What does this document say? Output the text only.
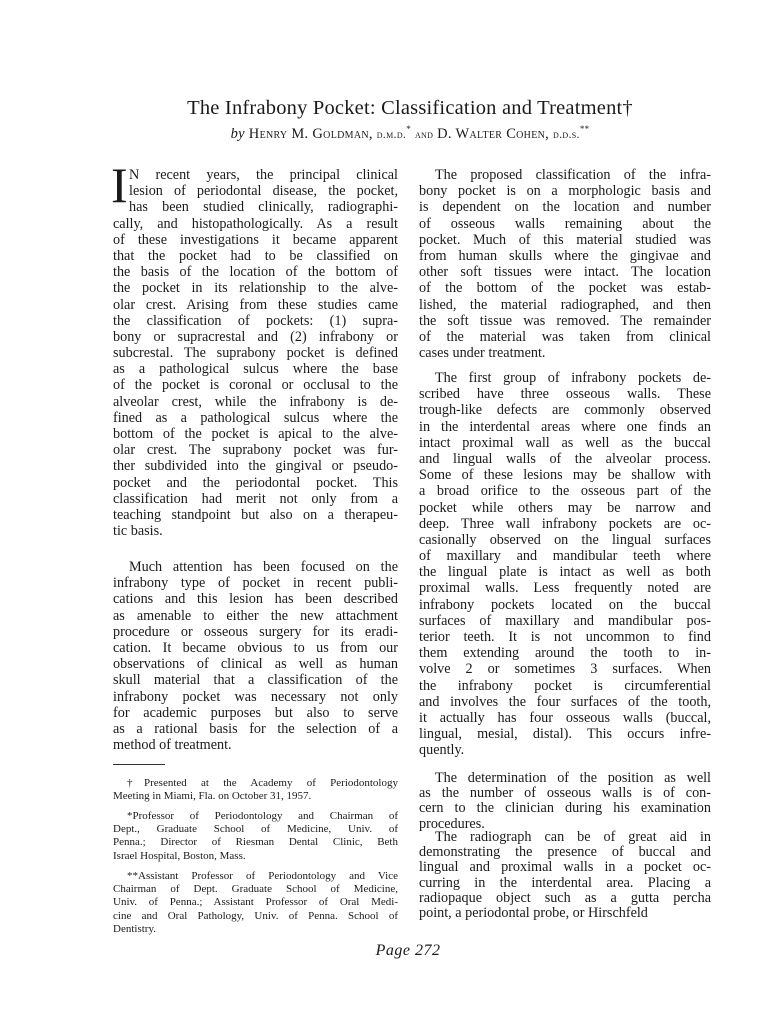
The Infrabony Pocket: Classification and Treatment†
by Henry M. Goldman, d.m.d.* and D. Walter Cohen, d.d.s.**
I N recent years, the principal clinical
lesion of periodontal disease, the pocket,
has been studied clinically, radiographi-
cally, and histopathologically. As a result
of these investigations it became apparent
that the pocket had to be classified on
the basis of the location of the bottom of
the pocket in its relationship to the alve-
olar crest. Arising from these studies came
the classification of pockets: (1) supra-
bony or supracrestal and (2) infrabony or
subcrestal. The suprabony pocket is defined
as a pathological sulcus where the base
of the pocket is coronal or occlusal to the
alveolar crest, while the infrabony is de-
fined as a pathological sulcus where the
bottom of the pocket is apical to the alve-
olar crest. The suprabony pocket was fur-
ther subdivided into the gingival or pseudo-
pocket and the periodontal pocket. This
classification had merit not only from a
teaching standpoint but also on a therapeu-
tic basis.
Much attention has been focused on the
infrabony type of pocket in recent publi-
cations and this lesion has been described
as amenable to either the new attachment
procedure or osseous surgery for its eradi-
cation. It became obvious to us from our
observations of clinical as well as human
skull material that a classification of the
infrabony pocket was necessary not only
for academic purposes but also to serve
as a rational basis for the selection of a
method of treatment.
†Presented at the Academy of Periodontology
Meeting in Miami, Fla. on October 31, 1957.
*Professor of Periodontology and Chairman of
Dept., Graduate School of Medicine, Univ. of
Penna.; Director of Riesman Dental Clinic, Beth
Israel Hospital, Boston, Mass.
**Assistant Professor of Periodontology and Vice
Chairman of Dept. Graduate School of Medicine,
Univ. of Penna.; Assistant Professor of Oral Medi-
cine and Oral Pathology, Univ. of Penna. School of
Dentistry.
The proposed classification of the infra-
bony pocket is on a morphologic basis and
is dependent on the location and number
of osseous walls remaining about the
pocket. Much of this material studied was
from human skulls where the gingivae and
other soft tissues were intact. The location
of the bottom of the pocket was estab-
lished, the material radiographed, and then
the soft tissue was removed. The remainder
of the material was taken from clinical
cases under treatment.
The first group of infrabony pockets de-
scribed have three osseous walls. These
trough-like defects are commonly observed
in the interdental areas where one finds an
intact proximal wall as well as the buccal
and lingual walls of the alveolar process.
Some of these lesions may be shallow with
a broad orifice to the osseous part of the
pocket while others may be narrow and
deep. Three wall infrabony pockets are oc-
casionally observed on the lingual surfaces
of maxillary and mandibular teeth where
the lingual plate is intact as well as both
proximal walls. Less frequently noted are
infrabony pockets located on the buccal
surfaces of maxillary and mandibular pos-
terior teeth. It is not uncommon to find
them extending around the tooth to in-
volve 2 or sometimes 3 surfaces. When
the infrabony pocket is circumferential
and involves the four surfaces of the tooth,
it actually has four osseous walls (buccal,
lingual, mesial, distal). This occurs infre-
quently.
The determination of the position as well
as the number of osseous walls is of con-
cern to the clinician during his examination
procedures.
The radiograph can be of great aid in
demonstrating the presence of buccal and
lingual and proximal walls in a pocket oc-
curring in the interdental area. Placing a
radiopaque object such as a gutta percha
point, a periodontal probe, or Hirschfeld
Page 272
